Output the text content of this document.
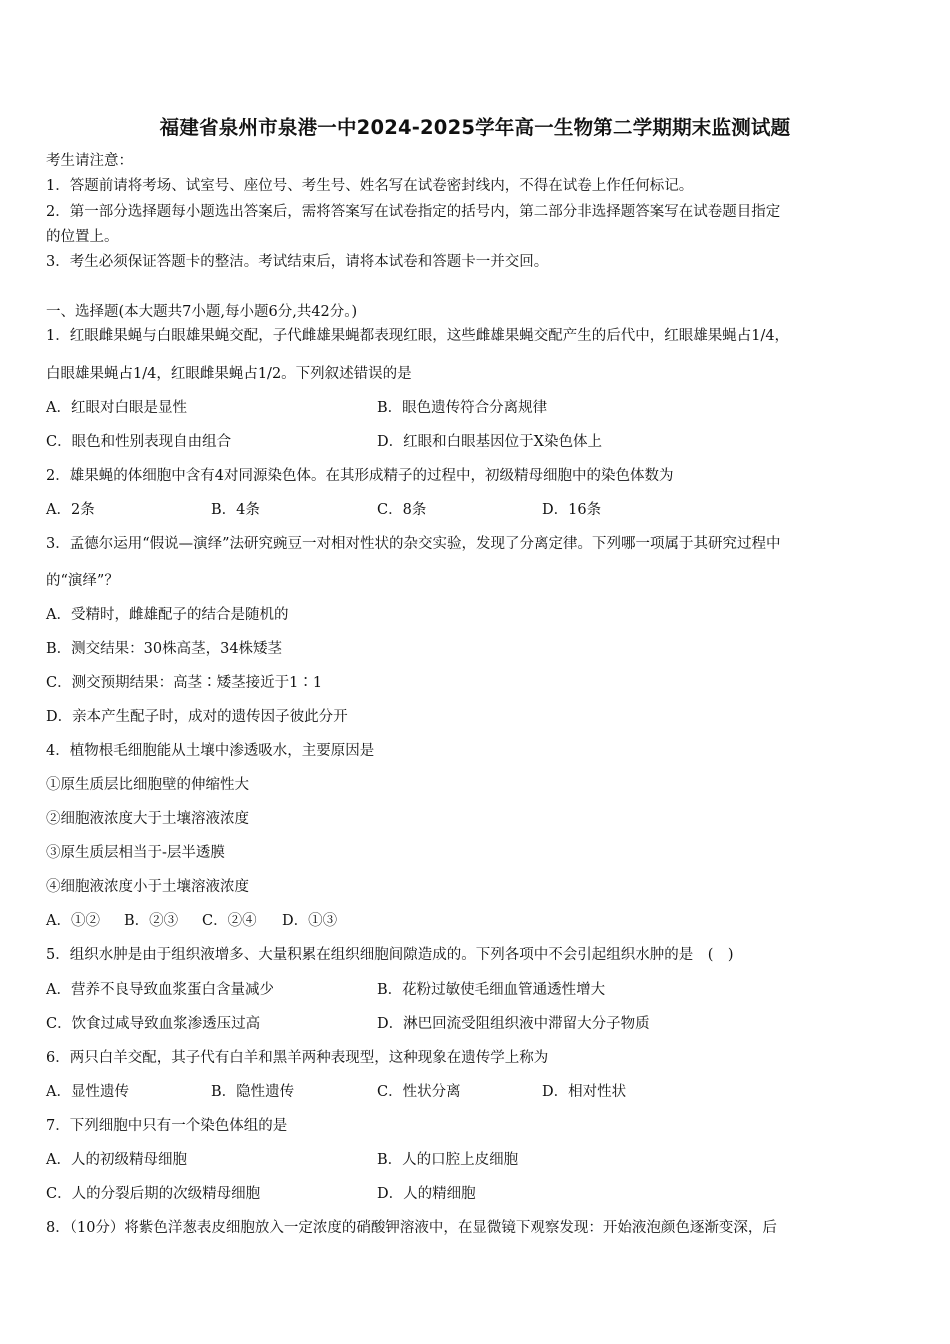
福建省泉州市泉港一中2024-2025学年高一生物第二学期期末监测试题
考生请注意：
1．答题前请将考场、试室号、座位号、考生号、姓名写在试卷密封线内，不得在试卷上作任何标记。
2．第一部分选择题每小题选出答案后，需将答案写在试卷指定的括号内，第二部分非选择题答案写在试卷题目指定
的位置上。
3．考生必须保证答题卡的整洁。考试结束后，请将本试卷和答题卡一并交回。
一、选择题(本大题共7小题,每小题6分,共42分。)
1．红眼雌果蝇与白眼雄果蝇交配，子代雌雄果蝇都表现红眼，这些雌雄果蝇交配产生的后代中，红眼雄果蝇占1/4，
白眼雄果蝇占1/4，红眼雌果蝇占1/2。下列叙述错误的是
A．红眼对白眼是显性	B．眼色遗传符合分离规律
C．眼色和性别表现自由组合	D．红眼和白眼基因位于X染色体上
2．雄果蝇的体细胞中含有4对同源染色体。在其形成精子的过程中，初级精母细胞中的染色体数为
A．2条	B．4条	C．8条	D．16条
3．孟德尔运用“假说—演绎”法研究豌豆一对相对性状的杂交实验，发现了分离定律。下列哪一项属于其研究过程中
的“演绎”？
A．受精时，雌雄配子的结合是随机的
B．测交结果：30株高茎，34株矮茎
C．测交预期结果：高茎∶矮茎接近于1∶1
D．亲本产生配子时，成对的遗传因子彼此分开
4．植物根毛细胞能从土壤中渗透吸水，主要原因是
①原生质层比细胞壁的伸缩性大
②细胞液浓度大于土壤溶液浓度
③原生质层相当于-层半透膜
④细胞液浓度小于土壤溶液浓度
A．①② B．②③ C．②④ D．①③
5．组织水肿是由于组织液增多、大量积累在组织细胞间隙造成的。下列各项中不会引起组织水肿的是　(　)
A．营养不良导致血浆蛋白含量减少	B．花粉过敏使毛细血管通透性增大
C．饮食过咸导致血浆渗透压过高	D．淋巴回流受阻组织液中滞留大分子物质
6．两只白羊交配，其子代有白羊和黑羊两种表现型，这种现象在遗传学上称为
A．显性遗传	B．隐性遗传	C．性状分离	D．相对性状
7．下列细胞中只有一个染色体组的是
A．人的初级精母细胞	B．人的口腔上皮细胞
C．人的分裂后期的次级精母细胞	D．人的精细胞
8．（10分）将紫色洋葱表皮细胞放入一定浓度的硝酸钾溶液中，在显微镜下观察发现：开始液泡颜色逐渐变深，后
